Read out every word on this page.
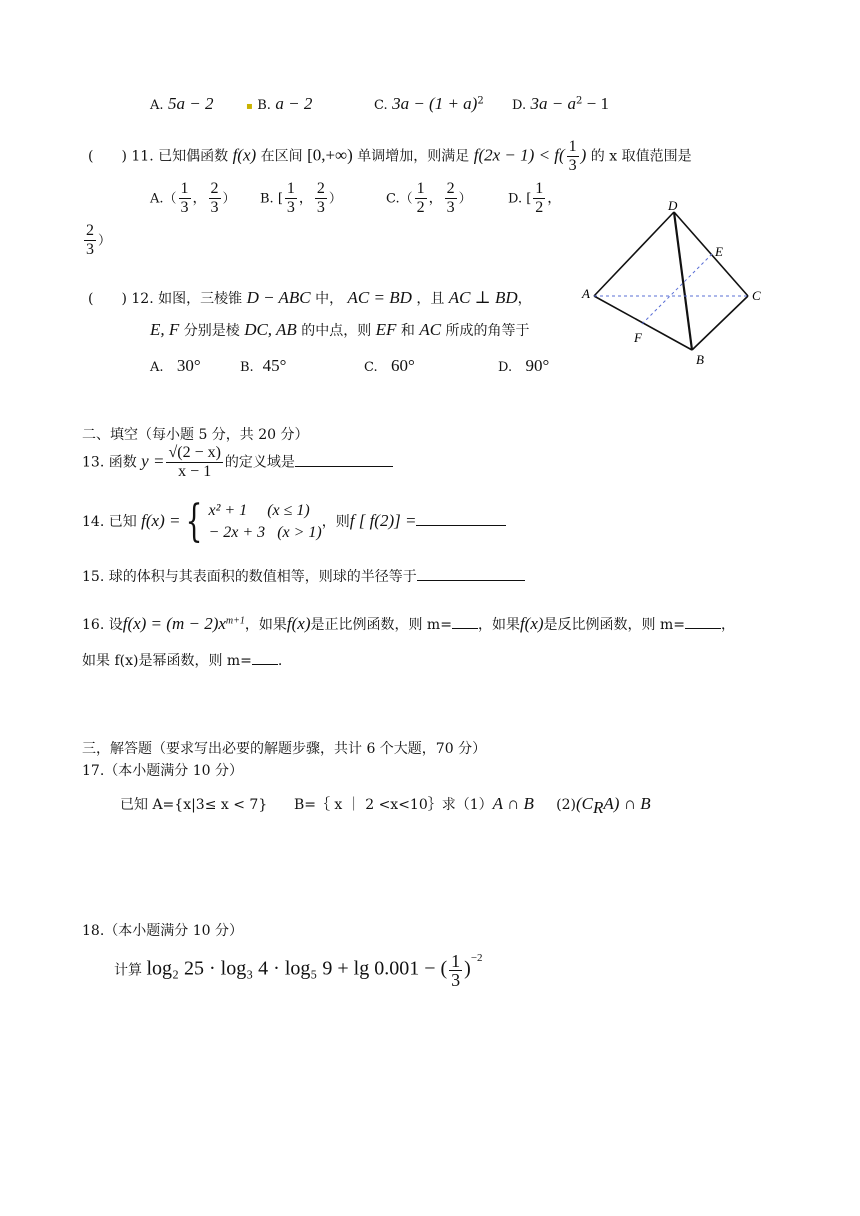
A. 5a − 2	▪ B. a − 2	C. $3a - (1 + a)^2$ D. $3a - a^2 - 1$
(　　) 11. 已知偶函数 f(x) 在区间 [0,+∞) 单调增加，则满足 $f(2x - 1) < f( \frac{1}{3}$ ) 的 x 取值范围是
$A.( \frac{1}{3}$ ， $\frac{2}{3}$ ） B. [ $\frac{1}{3}$ ， $\frac{2}{3}$ ）	$C.( \frac{1}{2}$ ， $\frac{2}{3}$ ）	D. [ $\frac{1}{2}$ ，
$\frac{2}{3}$ ）
D
E
A	C
F
B
(　　) 12. 如图，三棱锥 D − ABC 中， AC = BD ，且 AC ⊥ BD，
E, F 分别是棱 DC, AB 的中点，则 EF 和 AC 所成的角等于
A. 30°	B. 45°	C. 60°	D. 90°
二、填空（每小题 5 分，共 20 分）
13. 函数 $y = \frac{√(2 - x)}{x - 1}$ 的定义域是
14. 已知 f(x) = { x² + 1 (x ≤ 1)
− 2x + 3 (x > 1)
，则f [ f(2)] =
15. 球的体积与其表面积的数值相等，则球的半径等于
16. 设$f(x) = (m - 2)x^{m+1}$，如果f(x)是正比例函数，则 m= ，如果f(x)是反比例函数，则 m=	，
如果 f(x)是幂函数，则 m= .
三，解答题（要求写出必要的解题步骤，共计 6 个大题，70 分）
17.（本小题满分 10 分）
已知 A={x|3≤ x < 7} B=｛ x ｜ 2 <x<10｝求（1）A ∩ B $(2)(C_RA)$ ∩ B
18.（本小题满分 10 分）
计算 log₂ 25 · log₃ 4 · log₅ 9 + lg 0.001 − ( $\frac{1}{3} )^{-2}$
